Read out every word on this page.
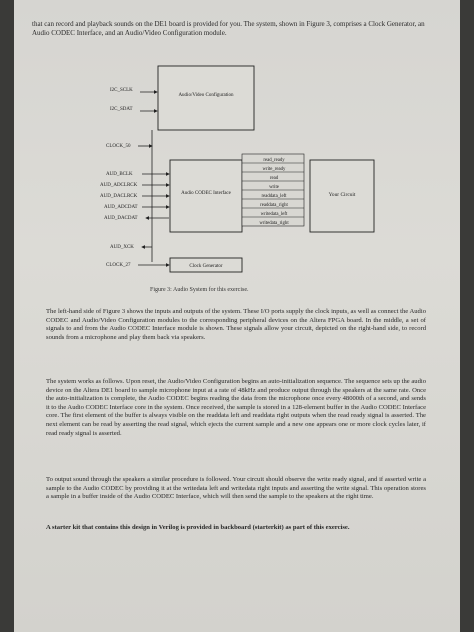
that can record and playback sounds on the DE1 board is provided for you. The system, shown in Figure 3, comprises a Clock Generator, an Audio CODEC Interface, and an Audio/Video Configuration module.
Audio/Video Configuration
I2C_SCLK
I2C_SDAT
CLOCK_50
Audio CODEC Interface
AUD_BCLK
AUD_ADCLRCK
AUD_DACLRCK
AUD_ADCDAT
AUD_DACDAT
read_ready
write_ready
read
write
readdata_left
readdata_right
writedata_left
writedata_right
Your Circuit
AUD_XCK
CLOCK_27	Clock Generator
Figure 3: Audio System for this exercise.
The left-hand side of Figure 3 shows the inputs and outputs of the system. These I/O ports supply the clock inputs, as well as connect the Audio CODEC and Audio/Video Configuration modules to the corresponding peripheral devices on the Altera FPGA board. In the middle, a set of signals to and from the Audio CODEC Interface module is shown. These signals allow your circuit, depicted on the right-hand side, to record sounds from a microphone and play them back via speakers.
The system works as follows. Upon reset, the Audio/Video Configuration begins an auto-initialization sequence. The sequence sets up the audio device on the Altera DE1 board to sample microphone input at a rate of 48kHz and produce output through the speakers at the same rate. Once the auto-initialization is complete, the Audio CODEC begins reading the data from the microphone once every 48000th of a second, and sends it to the Audio CODEC Interface core in the system. Once received, the sample is stored in a 128-element buffer in the Audio CODEC Interface core. The first element of the buffer is always visible on the readdata left and readdata right outputs when the read ready signal is asserted. The next element can be read by asserting the read signal, which ejects the current sample and a new one appears one or more clock cycles later, if read ready signal is asserted.
To output sound through the speakers a similar procedure is followed. Your circuit should observe the write ready signal, and if asserted write a sample to the Audio CODEC by providing it at the writedata left and writedata right inputs and asserting the write signal. This operation stores a sample in a buffer inside of the Audio CODEC Interface, which will then send the sample to the speakers at the right time.
A starter kit that contains this design in Verilog is provided in backboard (starterkit) as part of this exercise.
